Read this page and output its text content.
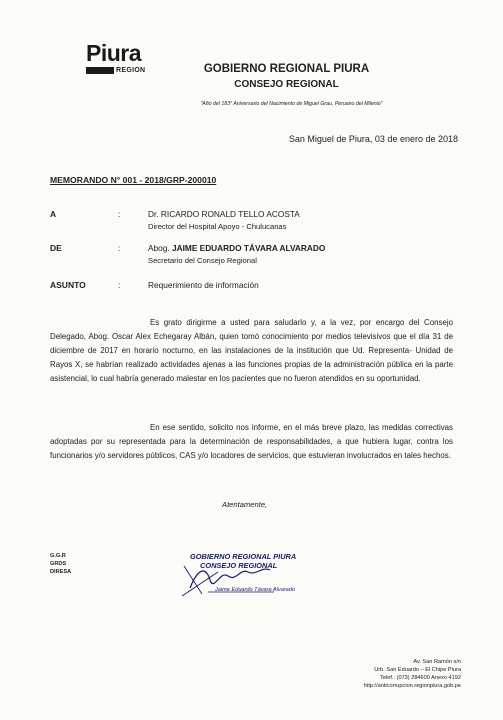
Piura
REGION	GOBIERNO REGIONAL PIURA
CONSEJO REGIONAL
"Año del 183° Aniversario del Nacimiento de Miguel Grau, Peruano del Milenio"
San Miguel de Piura, 03 de enero de 2018
MEMORANDO N° 001 - 2018/GRP-200010
A	:	Dr. RICARDO RONALD TELLO ACOSTA
Director del Hospital Apoyo - Chulucanas
DE	:	Abog. JAIME EDUARDO TÁVARA ALVARADO
Secretario del Consejo Regional
ASUNTO	:	Requerimiento de información
Es grato dirigirme a usted para saludarlo y, a la vez, por encargo del Consejo Delegado, Abog. Oscar Alex Echegaray Albán, quien tomó conocimiento por medios televisivos que el día 31 de diciembre de 2017 en horario nocturno, en las instalaciones de la institución que Ud. Representa- Unidad de Rayos X, se habrían realizado actividades ajenas a las funciones propias de la administración pública en la parte asistencial, lo cual habría generado malestar en los pacientes que no fueron atendidos en su oportunidad.
En ese sentido, solicito nos informe, en el más breve plazo, las medidas correctivas adoptadas por su representada para la determinación de responsabilidades, a que hubiera lugar, contra los funcionarios y/o servidores públicos, CAS y/o locadores de servicios, que estuvieran involucrados en tales hechos.
Atentamente,
G.G.R
GRDS
DIRESA
GOBIERNO REGIONAL PIURA
CONSEJO REGIONAL
Jaime Eduardo Távara Alvarado
Av. San Ramón s/n
Urb. San Eduardo – El Chipe Piura
Telef.: (073) 284600 Anexo 4192
http://anticorrupcion.regionpiura.gob.pe
